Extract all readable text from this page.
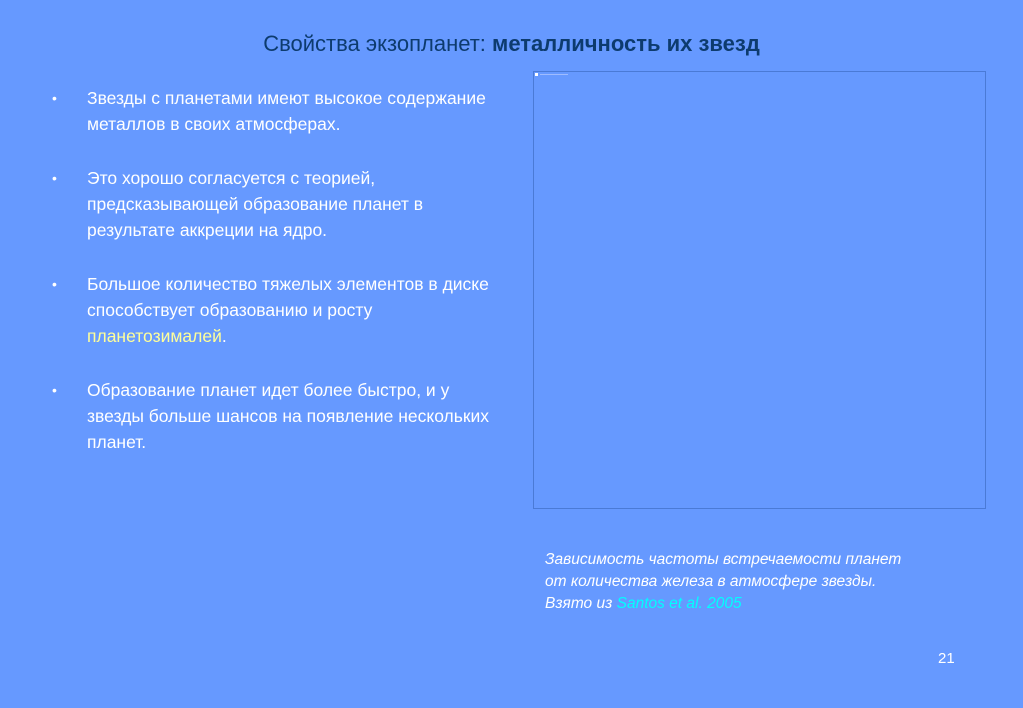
Свойства экзопланет: металличность их звезд
• Звезды с планетами имеют высокое содержание металлов в своих атмосферах.
• Это хорошо согласуется с теорией, предсказывающей образование планет в результате аккреции на ядро.
• Большое количество тяжелых элементов в диске способствует образованию и росту планетозималей.
• Образование планет идет более быстро, и у звезды больше шансов на появление нескольких планет.
Зависимость частоты встречаемости планет
от количества железа в атмосфере звезды.
Взято из Santos et al. 2005
21
